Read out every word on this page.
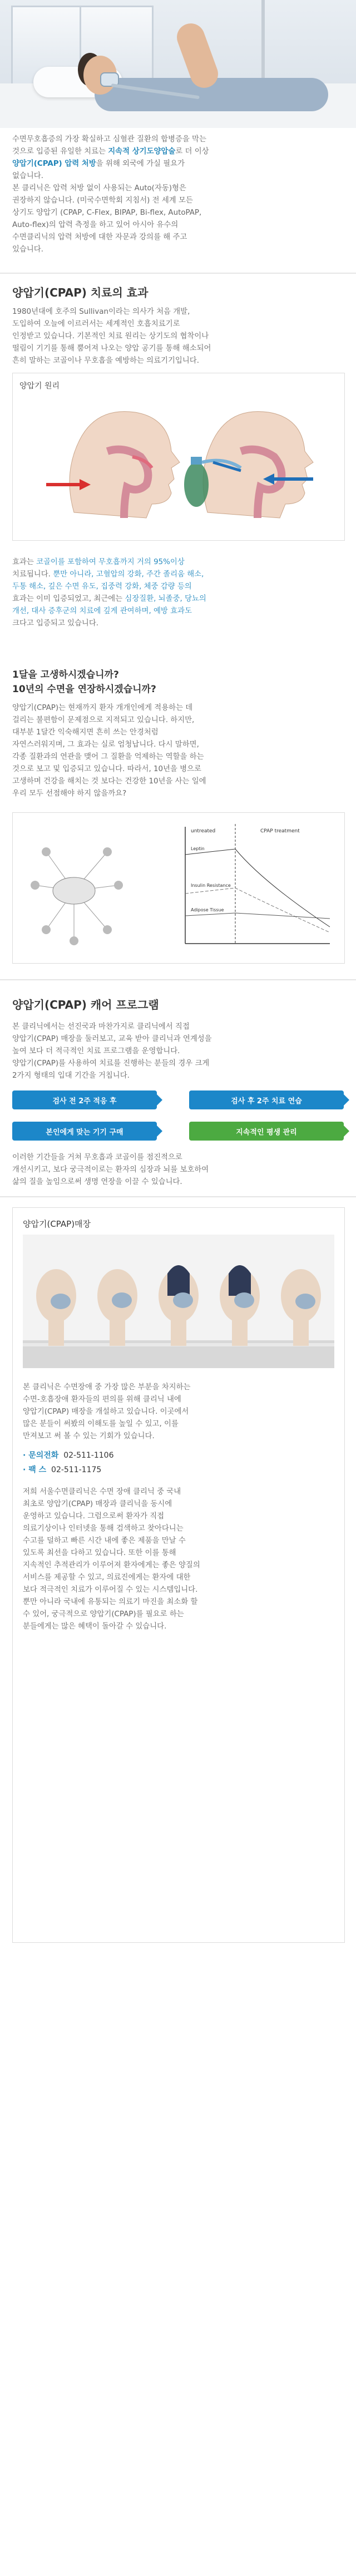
수면무호흡증의 가장 확실하고 심혈관 질환의 합병증을 막는

것으로 입증된 유일한 치료는 지속적 상기도양압술로 더 이상

양압기(CPAP) 압력 처방을 위해 외국에 가실 필요가

없습니다.

본 클리닉은 압력 처방 없이 사용되는 Auto(자동)형은

권장하지 않습니다. (미국수면학회 지침서) 전 세계 모든

상기도 양압기 (CPAP, C-Flex, BIPAP, Bi-flex, AutoPAP,

Auto-flex)의 압력 측정을 하고 있어 아시아 유수의

수면클리닉의 압력 처방에 대한 자문과 강의를 해 주고

있습니다.

양압기(CPAP) 치료의 효과

1980년대에 호주의 Sullivan이라는 의사가 처음 개발,

도입하여 오늘에 이르러서는 세계적인 호흡치료기로

인정받고 있습니다. 기본적인 치료 원리는 상기도의 협착이나

떨림이 기기를 통해 뿜어져 나오는 양압 공기를 통해 해소되어

흔히 말하는 코골이나 무호흡을 예방하는 의료기기입니다.

양압기 원리

효과는 코골이를 포함하여 무호흡까지 거의 95%이상

치료됩니다. 뿐만 아니라, 고혈압의 강화, 주간 졸리움 해소,

두통 해소, 깊은 수면 유도, 집중력 강화, 체중 감량 등의

효과는 이미 입증되었고, 최근에는 심장질환, 뇌졸중, 당뇨의

개선, 대사 증후군의 치료에 깊게 관여하며, 예방 효과도

크다고 입증되고 있습니다.

1달을 고생하시겠습니까?
10년의 수면을 연장하시겠습니까?

양압기(CPAP)는 현재까지 환자 개개인에게 적용하는 데

걸리는 불편함이 문제점으로 지적되고 있습니다. 하지만,

대부분 1달간 익숙해지면 흔히 쓰는 안경처럼

자연스러워지며, 그 효과는 실로 엄청납니다. 다시 말하면,

각종 질환과의 연관을 맺어 그 질환을 억제하는 역할을 하는

것으로 보고 및 입증되고 있습니다. 따라서, 10년을 병으로

고생하며 건강을 해치는 것 보다는 건강한 10년을 사는 일에

우리 모두 선점해야 하지 않을까요?

untreated	CPAP treatment
Leptin
Insulin Resistance
Adipose Tissue
양압기(CPAP) 캐어 프로그램

본 클리닉에서는 선진국과 마찬가지로 클리닉에서 직접

양압기(CPAP) 매장을 둘러보고, 교육 받아 클리닉과 연계성을

높여 보다 더 적극적인 치료 프로그램을 운영합니다.

양압기(CPAP)를 사용하여 치료를 진행하는 분들의 경우 크게

2가지 형태의 입대 기간을 거칩니다.

검사 전 2주 적응 후	검사 후 2주 치료 연습
본인에게 맞는 기기 구매	지속적인 평생 관리

이러한 기간들을 거쳐 무호흡과 코골이를 점진적으로

개선시키고, 보다 궁극적이로는 환자의 심장과 뇌를 보호하여

삶의 질을 높임으로써 생명 연장을 이끌 수 있습니다.

양압기(CPAP)매장

본 클리닉은 수면장애 중 가장 많은 부분을 차지하는

수면-호흡장애 환자들의 편의를 위해 클리닉 내에

양압기(CPAP) 매장을 개설하고 있습니다. 이곳에서

많은 분들이 써봤의 이해도를 높일 수 있고, 이를

만져보고 써 볼 수 있는 기회가 있습니다.

· 문의전화 02-511-1106
· 팩 스 02-511-1175

저희 서울수면클리닉은 수면 장애 클리닉 중 국내

최초로 양압기(CPAP) 매장과 클리닉을 동시에

운영하고 있습니다. 그럼으로써 환자가 직접

의료기상이나 인터넷을 통해 검색하고 찾아다니는

수고를 덜하고 빠른 시간 내에 좋은 제품을 만날 수

있도록 최선을 다하고 있습니다. 또한 이를 통해

지속적인 추적관리가 이루어져 환자에게는 좋은 양질의

서비스를 제공할 수 있고, 의료진에게는 환자에 대한

보다 적극적인 치료가 이루어질 수 있는 시스템입니다.

뿐만 아니라 국내에 유통되는 의료기 마진을 최소화 할

수 있어, 궁극적으로 양압기(CPAP)를 필요로 하는

분들에게는 많은 혜택이 돌아갈 수 있습니다.
